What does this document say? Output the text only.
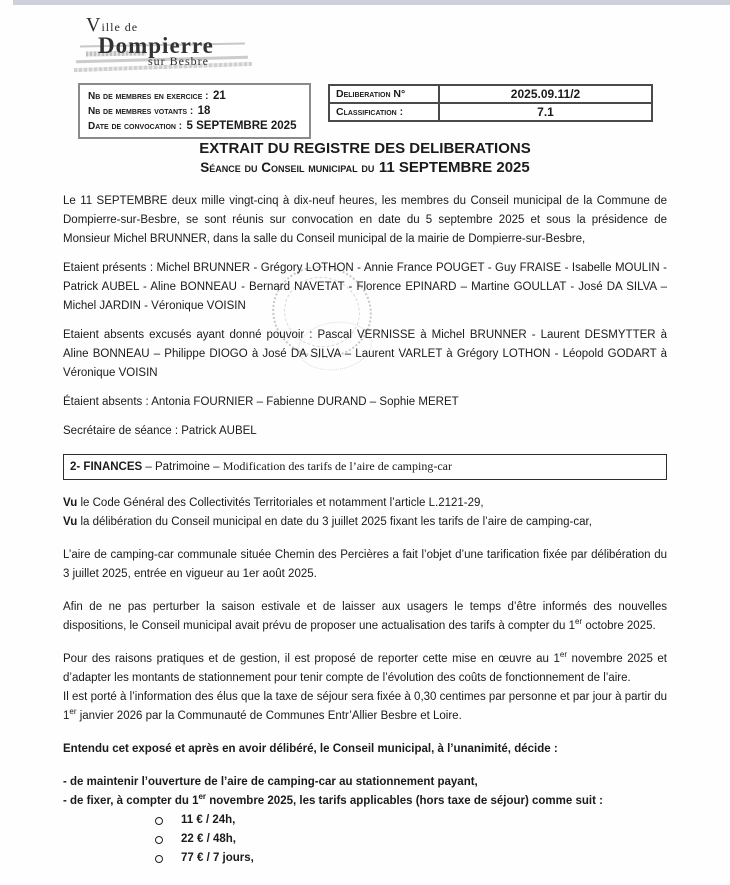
Ville de
Dompierre
sur Besbre
Nb de membres en exercice : 21
Nb de membres votants : 18
Date de convocation : 5 SEPTEMBRE 2025
Deliberation N°	2025.09.11/2
Classification :	7.1
EXTRAIT DU REGISTRE DES DELIBERATIONS
Séance du Conseil municipal du 11 SEPTEMBRE 2025

Le 11 SEPTEMBRE deux mille vingt-cinq à dix-neuf heures, les membres du Conseil municipal de la Commune de Dompierre-sur-Besbre, se sont réunis sur convocation en date du 5 septembre 2025 et sous la présidence de Monsieur Michel BRUNNER, dans la salle du Conseil municipal de la mairie de Dompierre-sur-Besbre,

Etaient présents : Michel BRUNNER - Grégory LOTHON - Annie France POUGET - Guy FRAISE - Isabelle MOULIN - Patrick AUBEL - Aline BONNEAU - Bernard NAVETAT - Florence EPINARD – Martine GOULLAT - José DA SILVA – Michel JARDIN - Véronique VOISIN

Etaient absents excusés ayant donné pouvoir : Pascal VERNISSE à Michel BRUNNER - Laurent DESMYTTER à Aline BONNEAU – Philippe DIOGO à José DA SILVA – Laurent VARLET à Grégory LOTHON - Léopold GODART à Véronique VOISIN

Étaient absents : Antonia FOURNIER – Fabienne DURAND – Sophie MERET

Secrétaire de séance : Patrick AUBEL

2- FINANCES – Patrimoine – Modification des tarifs de l’aire de camping-car

Vu le Code Général des Collectivités Territoriales et notamment l’article L.2121-29,

Vu la délibération du Conseil municipal en date du 3 juillet 2025 fixant les tarifs de l’aire de camping-car,

L’aire de camping-car communale située Chemin des Percières a fait l’objet d’une tarification fixée par délibération du 3 juillet 2025, entrée en vigueur au 1er août 2025.

Afin de ne pas perturber la saison estivale et de laisser aux usagers le temps d’être informés des nouvelles dispositions, le Conseil municipal avait prévu de proposer une actualisation des tarifs à compter du 1er octobre 2025.

Pour des raisons pratiques et de gestion, il est proposé de reporter cette mise en œuvre au 1er novembre 2025 et d’adapter les montants de stationnement pour tenir compte de l’évolution des coûts de fonctionnement de l’aire.

Il est porté à l’information des élus que la taxe de séjour sera fixée à 0,30 centimes par personne et par jour à partir du 1er janvier 2026 par la Communauté de Communes Entr’Allier Besbre et Loire.

Entendu cet exposé et après en avoir délibéré, le Conseil municipal, à l’unanimité, décide :

- de maintenir l’ouverture de l’aire de camping-car au stationnement payant,

- de fixer, à compter du 1er novembre 2025, les tarifs applicables (hors taxe de séjour) comme suit :

11 € / 24h,
22 € / 48h,
77 € / 7 jours,
